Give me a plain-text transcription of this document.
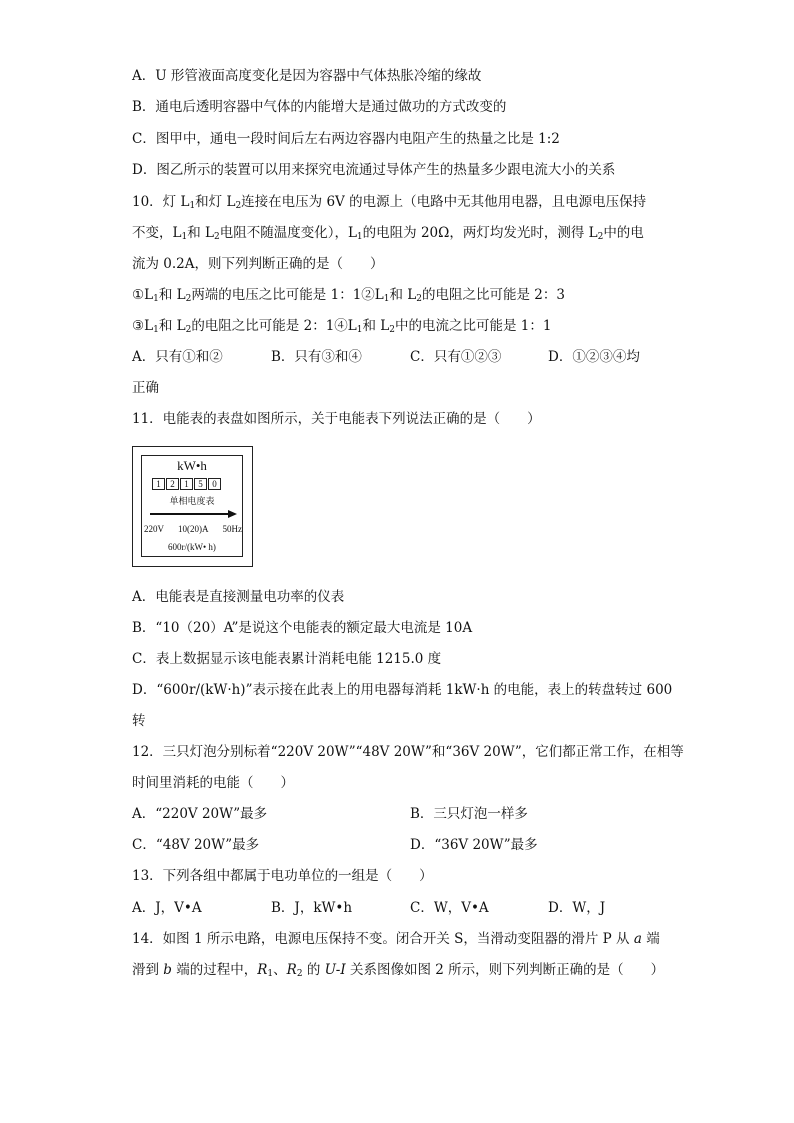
A．U 形管液面高度变化是因为容器中气体热胀冷缩的缘故
B．通电后透明容器中气体的内能增大是通过做功的方式改变的
C．图甲中，通电一段时间后左右两边容器内电阻产生的热量之比是 1:2
D．图乙所示的装置可以用来探究电流通过导体产生的热量多少跟电流大小的关系
10．灯 $L_1$和灯 $L_2$连接在电压为 6V 的电源上（电路中无其他用电器，且电源电压保持
不变，$L_1$和 $L_2$电阻不随温度变化），$L_1$的电阻为 20Ω，两灯均发光时，测得 $L_2$中的电
流为 0.2A，则下列判断正确的是（　　）
$①L_1$和 $L_2$两端的电压之比可能是 1：$1②L_1$和 $L_2$的电阻之比可能是 2：3
$③L_1$和 $L_2$的电阻之比可能是 2：$1④L_1$和 $L_2$中的电流之比可能是 1：1
A．只有①和②	B．只有③和④	C．只有①②③	D．①②③④均
正确
11．电能表的表盘如图所示，关于电能表下列说法正确的是（　　）
kW•h
1	2	1	5	0
单相电度表
220V 10(20)A 50Hz
600r/(kW• h)
A．电能表是直接测量电功率的仪表
B．“10（20）A”是说这个电能表的额定最大电流是 10A
C．表上数据显示该电能表累计消耗电能 1215.0 度
D．“600r/(kW·h)”表示接在此表上的用电器每消耗 1kW·h 的电能，表上的转盘转过 600
转
12．三只灯泡分别标着“220V 20W”“48V 20W”和“36V 20W”，它们都正常工作，在相等
时间里消耗的电能（　　）
A．“220V 20W”最多	B．三只灯泡一样多
C．“48V 20W”最多	D．“36V 20W”最多
13．下列各组中都属于电功单位的一组是（　　）
A．J，V•A	B．J，kW•h	C．W，V•A	D．W，J
14．如图 1 所示电路，电源电压保持不变。闭合开关 S，当滑动变阻器的滑片 P 从 a 端
滑到 b 端的过程中，$R_1$、$R_2$ 的 U-I 关系图像如图 2 所示，则下列判断正确的是（　　）
